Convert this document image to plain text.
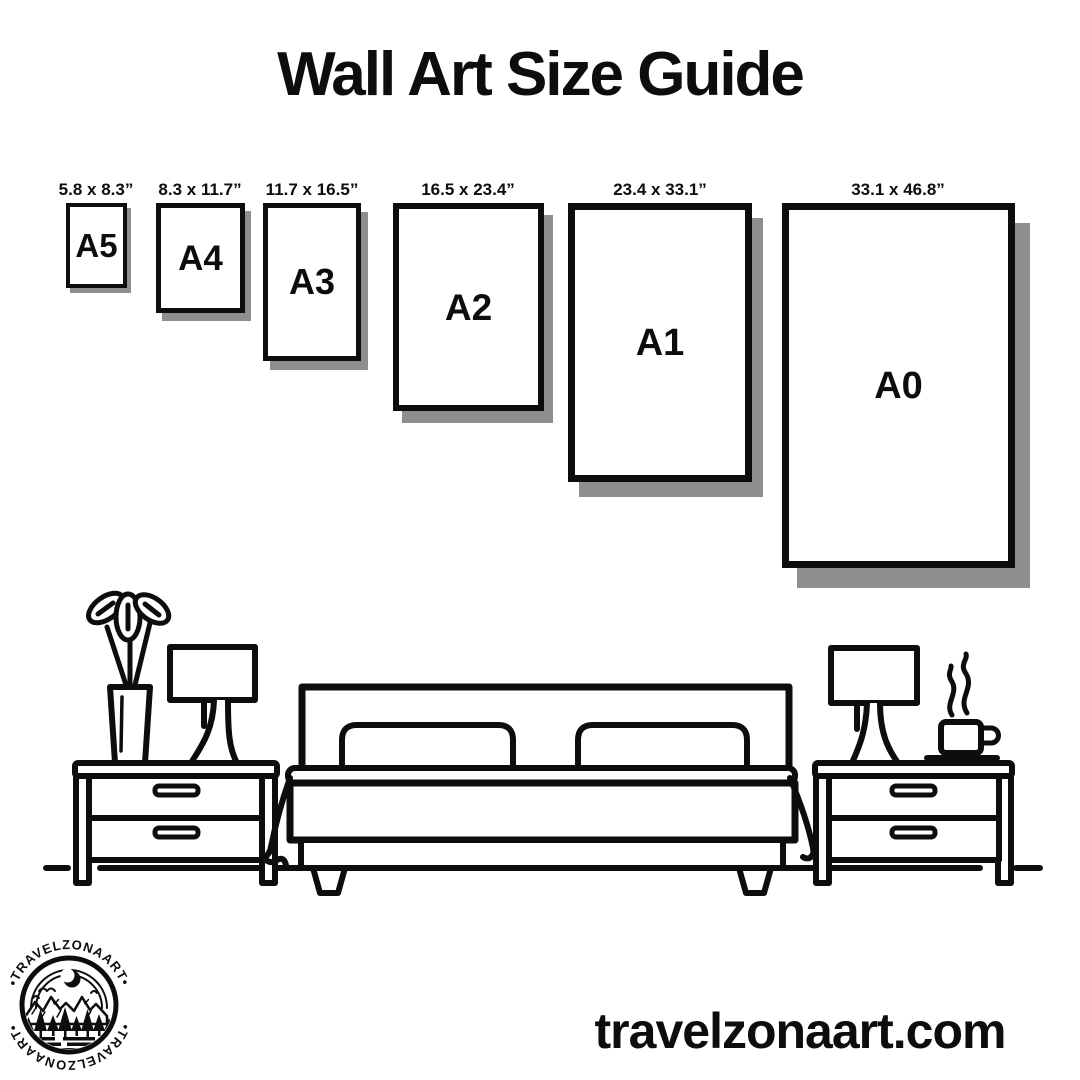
Wall Art Size Guide
5.8 x 8.3” 8.3 x 11.7” 11.7 x 16.5”	16.5 x 23.4”	23.4 x 33.1”	33.1 x 46.8”
A5 A4
A3
A2
A1
A0
•TRAVELZONAART•
•TRAVELZONAART•	travelzonaart.com
